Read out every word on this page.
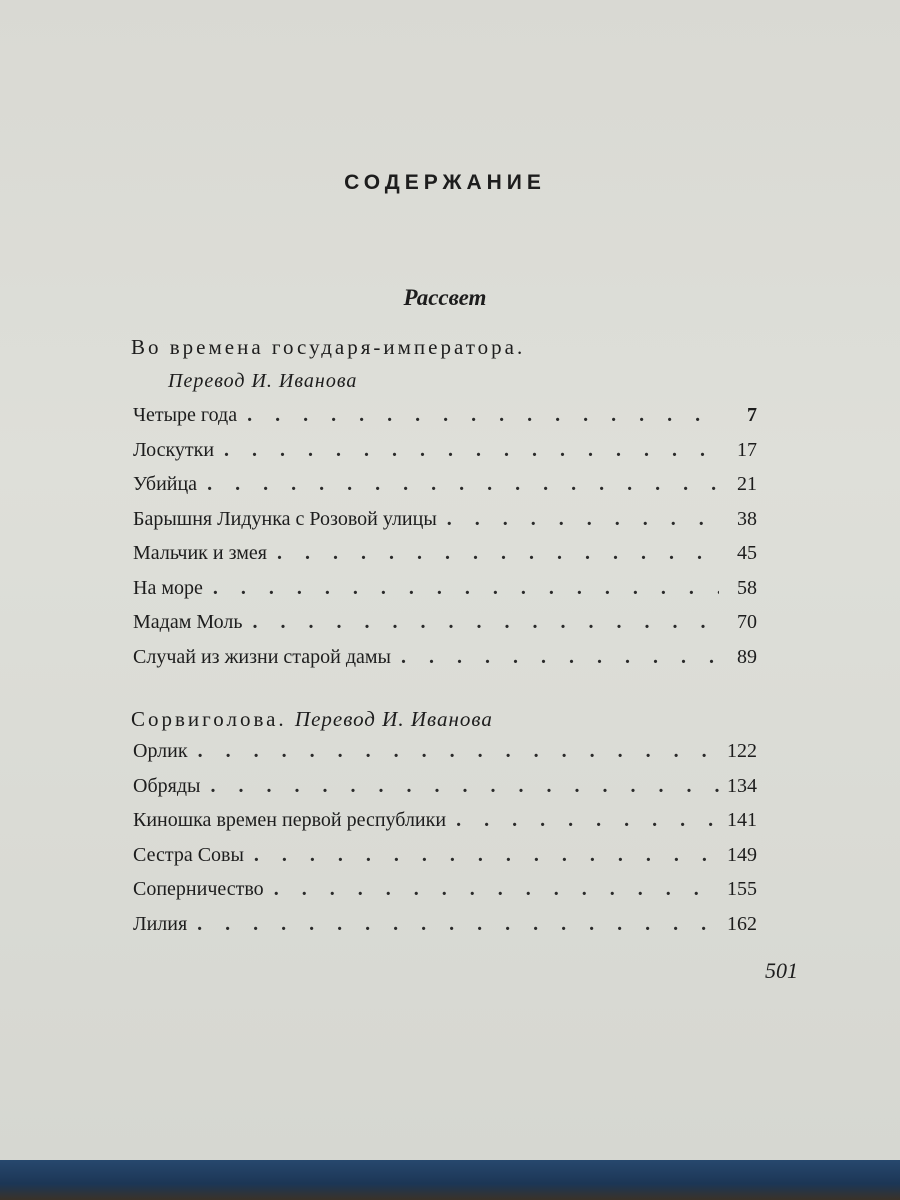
СОДЕРЖАНИЕ
Рассвет
Во времена государя-императора.
Перевод И. Иванова
Четыре года . . .	7
Лоскутки . . .	17
Убийца . . .	21
Барышня Лидунка с Розовой улицы . . .	38
Мальчик и змея . . .	45
На море . . .	58
Мадам Моль . . .	70
Случай из жизни старой дамы . . .	89
Сорвиголова. Перевод И. Иванова
Орлик . . .	122
Обряды . . .	134
Киношка времен первой республики . . .	141
Сестра Совы . . .	149
Соперничество . . .	155
Лилия . . .	162
501
